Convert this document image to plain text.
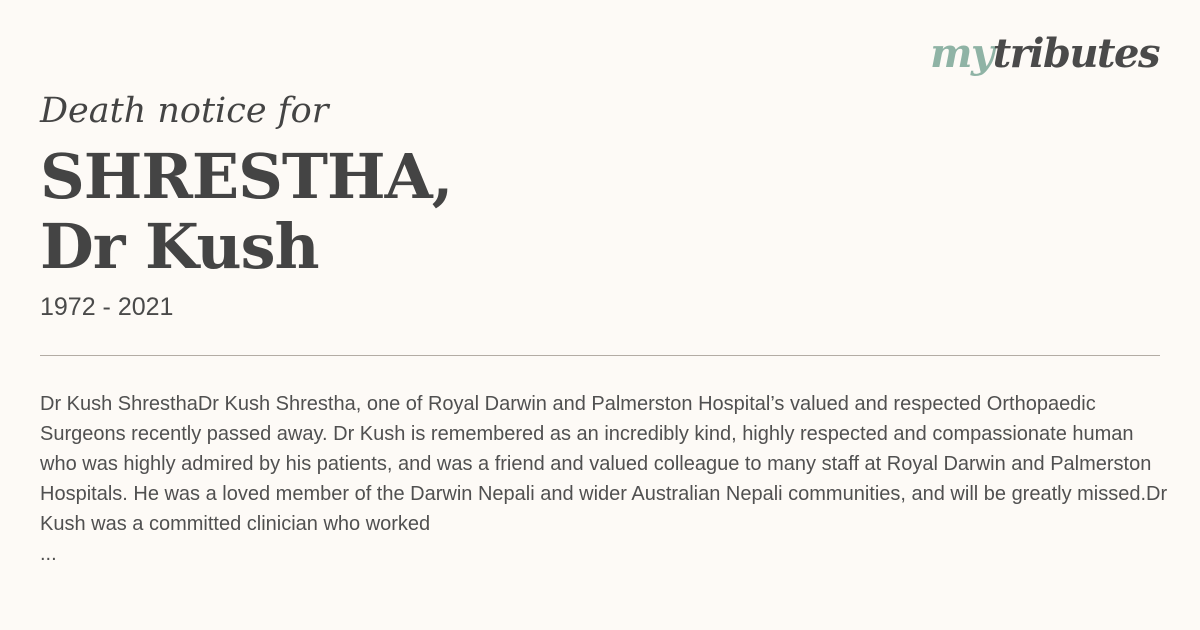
mytributes
Death notice for
SHRESTHA,
Dr Kush
1972 - 2021
Dr Kush ShresthaDr Kush Shrestha, one of Royal Darwin and Palmerston Hospital’s valued and respected Orthopaedic Surgeons recently passed away. Dr Kush is remembered as an incredibly kind, highly respected and compassionate human who was highly admired by his patients, and was a friend and valued colleague to many staff at Royal Darwin and Palmerston Hospitals. He was a loved member of the Darwin Nepali and wider Australian Nepali communities, and will be greatly missed.Dr Kush was a committed clinician who worked
...
